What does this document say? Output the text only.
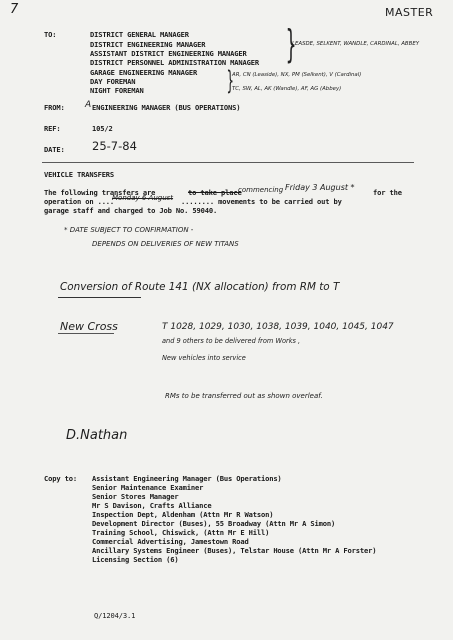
7	MASTER
TO:	DISTRICT GENERAL MANAGER
DISTRICT ENGINEERING MANAGER
ASSISTANT DISTRICT ENGINEERING MANAGER
DISTRICT PERSONNEL ADMINISTRATION MANAGER
GARAGE ENGINEERING MANAGER
DAY FOREMAN
NIGHT FOREMAN
}
}
LEASDE, SELKENT, WANDLE, CARDINAL, ABBEY
AR, CN (Leaside), NX, PM (Selkent), V (Cardinal)
TC, SW, AL, AK (Wandle), AF, AG (Abbey)
FROM: A ENGINEERING MANAGER (BUS OPERATIONS)
REF:	105/2
DATE: 25-7-84
VEHICLE TRANSFERS
The following transfers are	to take place
commencing Friday 3 August *
for the
operation on ....
Monday 6 August ........ movements to be carried out by
garage staff and charged to Job No. 59040.
* DATE SUBJECT TO CONFIRMATION -
DEPENDS ON DELIVERIES OF NEW TITANS
Conversion of Route 141 (NX allocation) from RM to T
New Cross	T 1028, 1029, 1030, 1038, 1039, 1040, 1045, 1047
and 9 others to be delivered from Works ,
New vehicles into service
RMs to be transferred out as shown overleaf.
D.Nathan
Copy to: Assistant Engineering Manager (Bus Operations)
Senior Maintenance Examiner
Senior Stores Manager
Mr S Davison, Crafts Alliance
Inspection Dept, Aldenham (Attn Mr R Watson)
Development Director (Buses), 55 Broadway (Attn Mr A Simon)
Training School, Chiswick, (Attn Mr E Hill)
Commercial Advertising, Jamestown Road
Ancillary Systems Engineer (Buses), Telstar House (Attn Mr A Forster)
Licensing Section (6)
Q/1204/3.1
